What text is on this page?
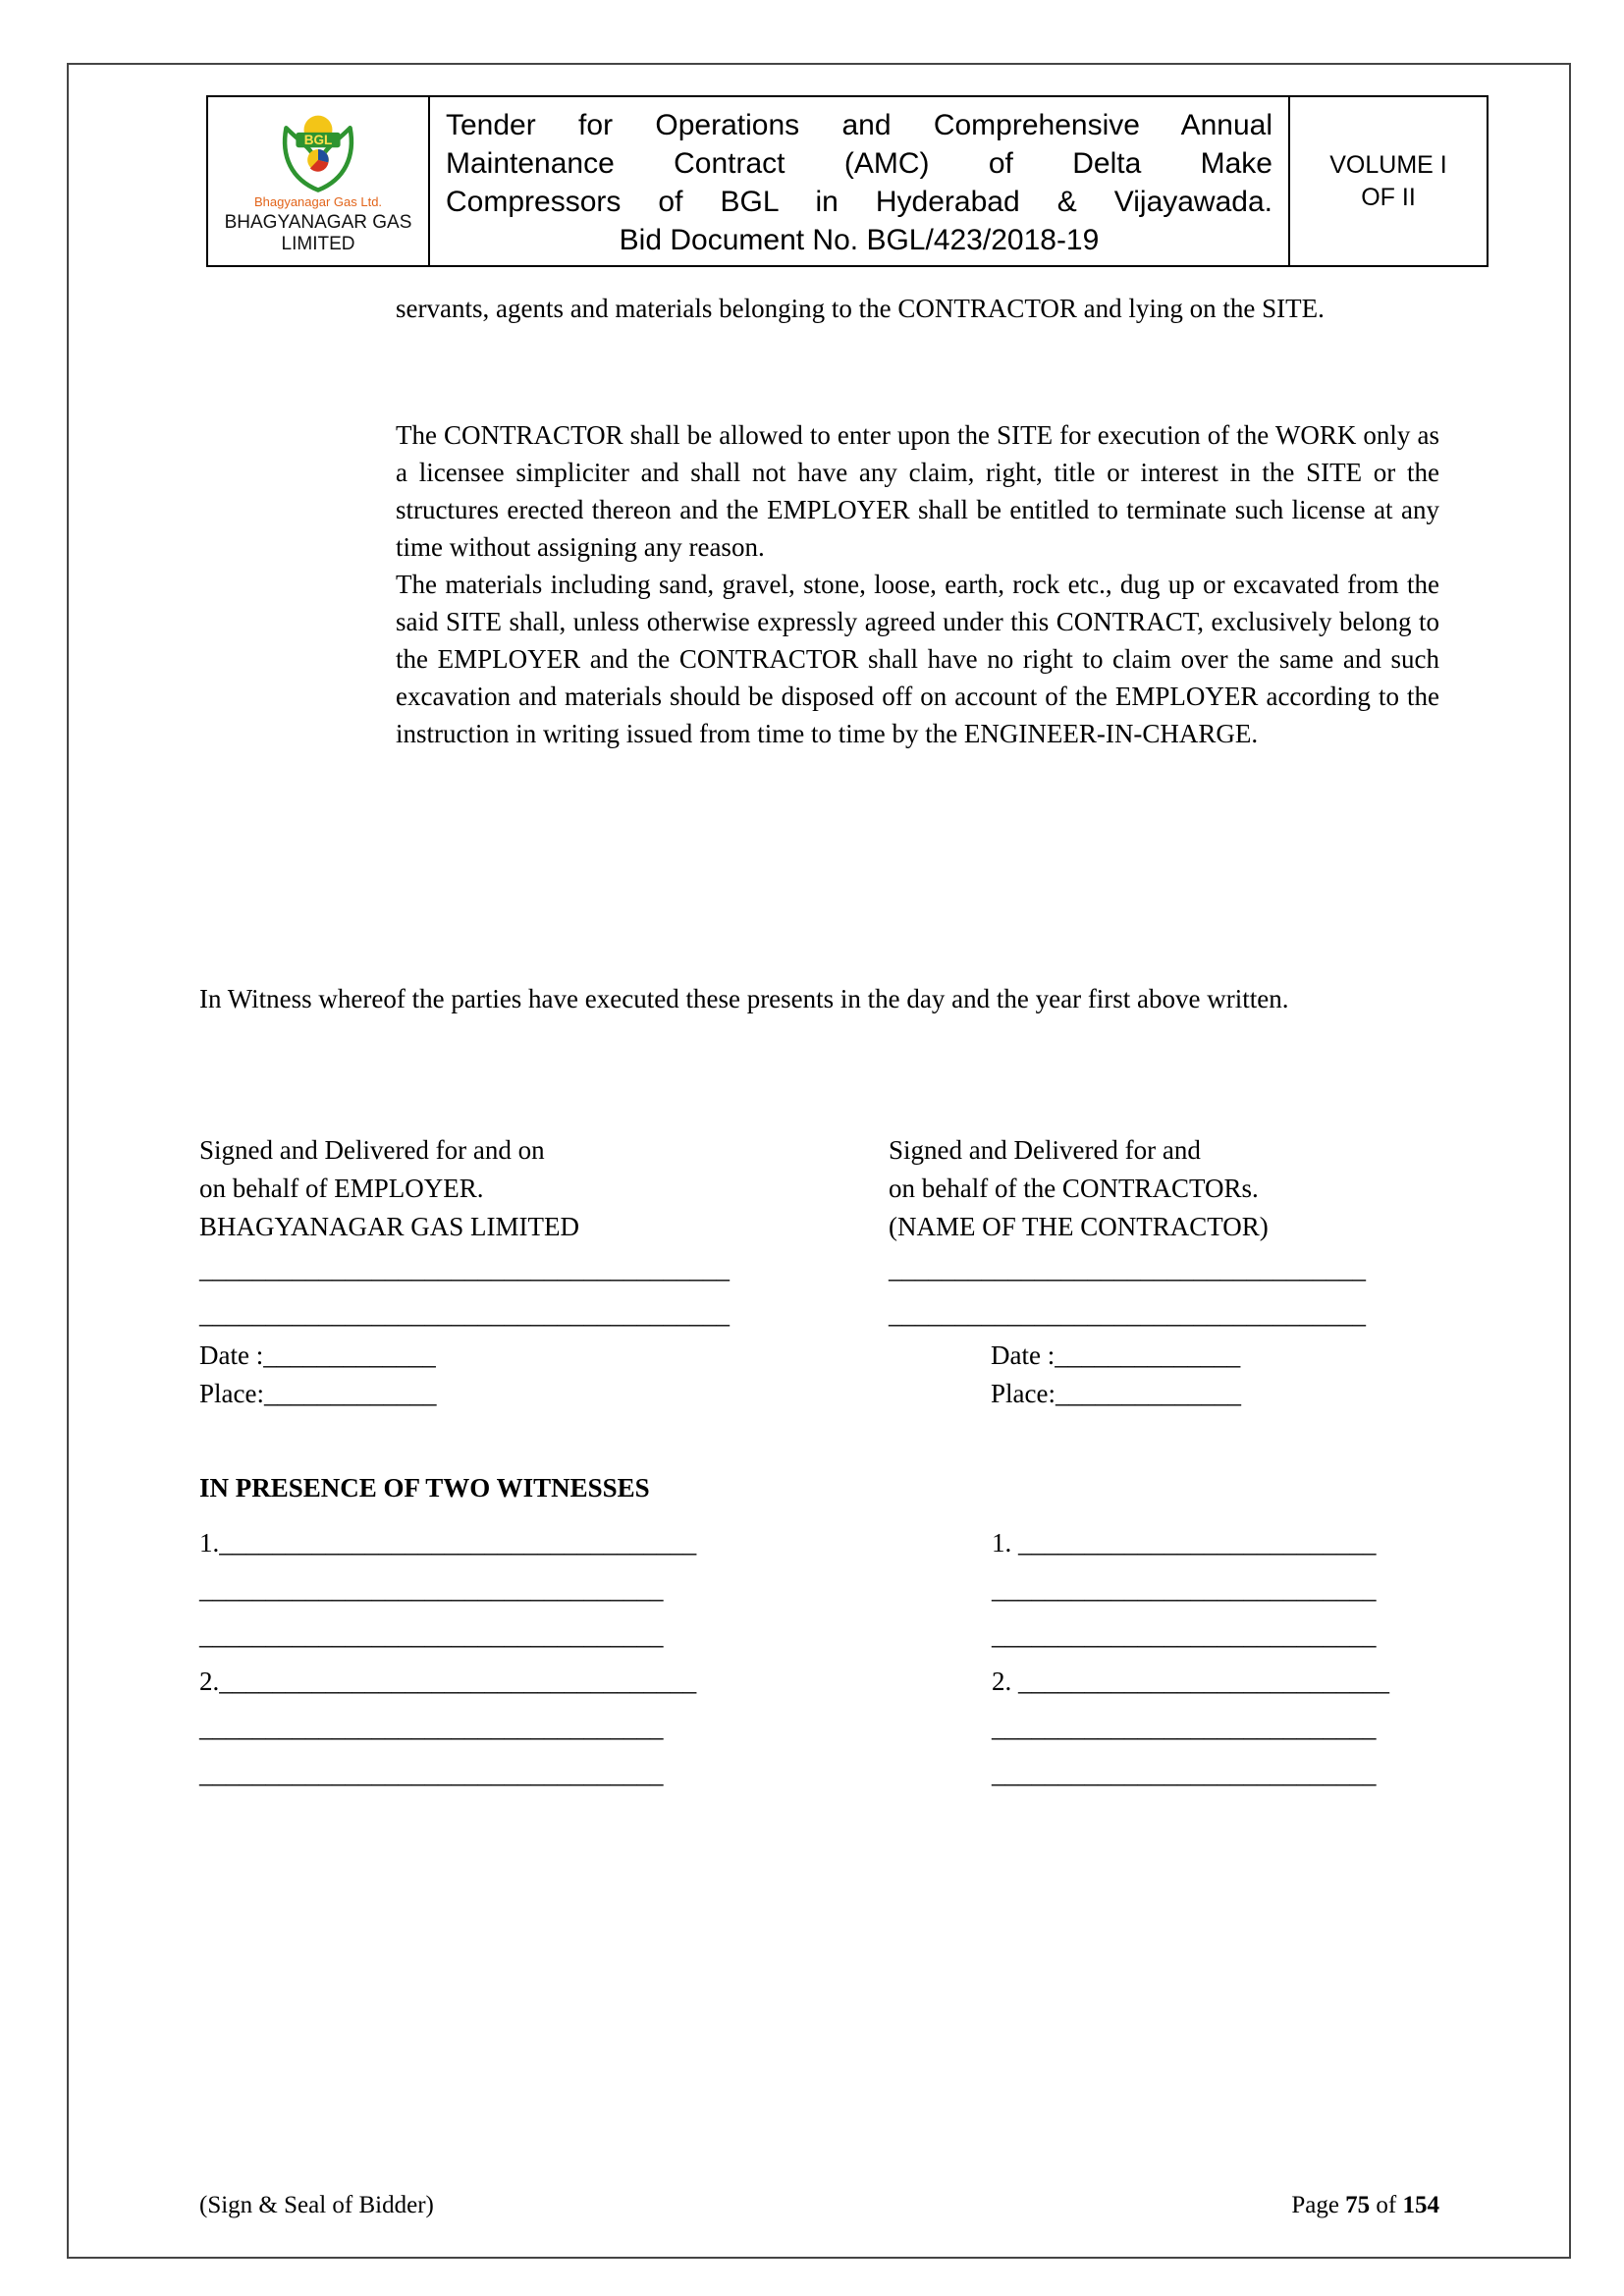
BGL
Bhagyanagar Gas Ltd.
BHAGYANAGAR GAS
LIMITED
Tender for Operations and Comprehensive Annual
Maintenance Contract (AMC) of Delta Make
Compressors of BGL in Hyderabad & Vijayawada.
Bid Document No. BGL/423/2018-19
VOLUME I
OF II

servants, agents and materials belonging to the CONTRACTOR and lying on the SITE.

The CONTRACTOR shall be allowed to enter upon the SITE for execution of the WORK only as a licensee simpliciter and shall not have any claim, right, title or interest in the SITE or the structures erected thereon and the EMPLOYER shall be entitled to terminate such license at any time without assigning any reason.

The materials including sand, gravel, stone, loose, earth, rock etc., dug up or excavated from the said SITE shall, unless otherwise expressly agreed under this CONTRACT, exclusively belong to the EMPLOYER and the CONTRACTOR shall have no right to claim over the same and such excavation and materials should be disposed off on account of the EMPLOYER according to the instruction in writing issued from time to time by the ENGINEER-IN-CHARGE.

In Witness whereof the parties have executed these presents in the day and the year first above written.

Signed and Delivered for and on
on behalf of EMPLOYER.
BHAGYANAGAR GAS LIMITED
________________________________________
________________________________________
Date :_____________
Place:_____________
Signed and Delivered for and
on behalf of the CONTRACTORs.
(NAME OF THE CONTRACTOR)
____________________________________
____________________________________
Date :______________
Place:______________
IN PRESENCE OF TWO WITNESSES
1.____________________________________
___________________________________
___________________________________
2.____________________________________
___________________________________
___________________________________
1. ___________________________
_____________________________
_____________________________
2. ____________________________
_____________________________
_____________________________
(Sign & Seal of Bidder)	Page 75 of 154
